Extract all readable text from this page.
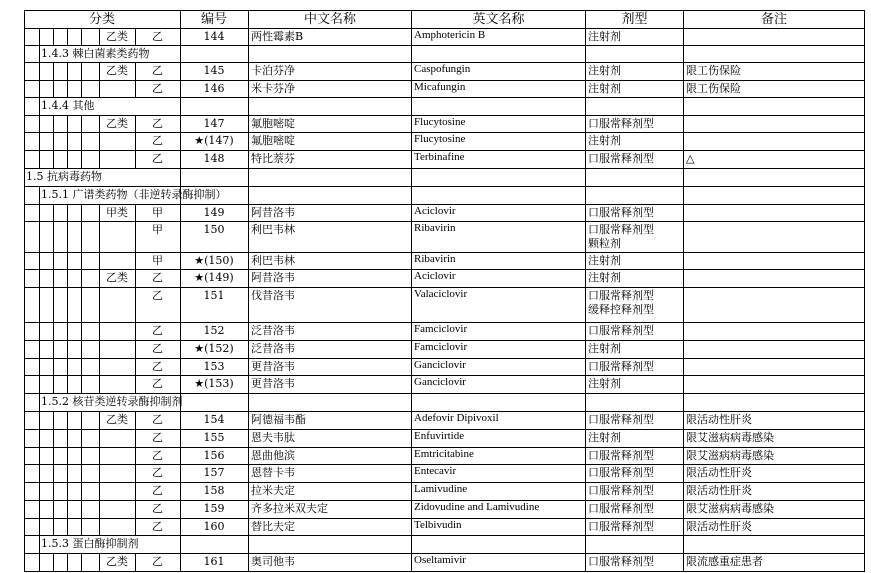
分类	编号	中文名称	英文名称	剂型	备注
乙类	乙	144	两性霉素B	Amphotericin B	注射剂
1.4.3 棘白菌素类药物
乙类	乙	145	卡泊芬净	Caspofungin	注射剂	限工伤保险
乙	146	米卡芬净	Micafungin	注射剂	限工伤保险
1.4.4 其他
乙类	乙	147	氟胞嘧啶	Flucytosine	口服常释剂型
乙	★(147)	氟胞嘧啶	Flucytosine	注射剂
乙	148	特比萘芬	Terbinafine	口服常释剂型	△
1.5 抗病毒药物
1.5.1 广谱类药物（非逆转录酶抑制）
甲类	甲	149	阿昔洛韦	Aciclovir	口服常释剂型
甲	150	利巴韦林	Ribavirin	口服常释剂型
颗粒剂
甲	★(150)	利巴韦林	Ribavirin	注射剂
乙类	乙	★(149)	阿昔洛韦	Aciclovir	注射剂
乙	151	伐昔洛韦	Valaciclovir	口服常释剂型
缓释控释剂型
乙	152	泛昔洛韦	Famciclovir	口服常释剂型
乙	★(152)	泛昔洛韦	Famciclovir	注射剂
乙	153	更昔洛韦	Ganciclovir	口服常释剂型
乙	★(153)	更昔洛韦	Ganciclovir	注射剂
1.5.2 核苷类逆转录酶抑制剂
乙类	乙	154	阿德福韦酯	Adefovir Dipivoxil	口服常释剂型	限活动性肝炎
乙	155	恩夫韦肽	Enfuvirtide	注射剂	限艾滋病病毒感染
乙	156	恩曲他滨	Emtricitabine	口服常释剂型	限艾滋病病毒感染
乙	157	恩替卡韦	Entecavir	口服常释剂型	限活动性肝炎
乙	158	拉米夫定	Lamivudine	口服常释剂型	限活动性肝炎
乙	159	齐多拉米双夫定	Zidovudine and Lamivudine	口服常释剂型	限艾滋病病毒感染
乙	160	替比夫定	Telbivudin	口服常释剂型	限活动性肝炎
1.5.3 蛋白酶抑制剂
乙类	乙	161	奥司他韦	Oseltamivir	口服常释剂型	限流感重症患者
